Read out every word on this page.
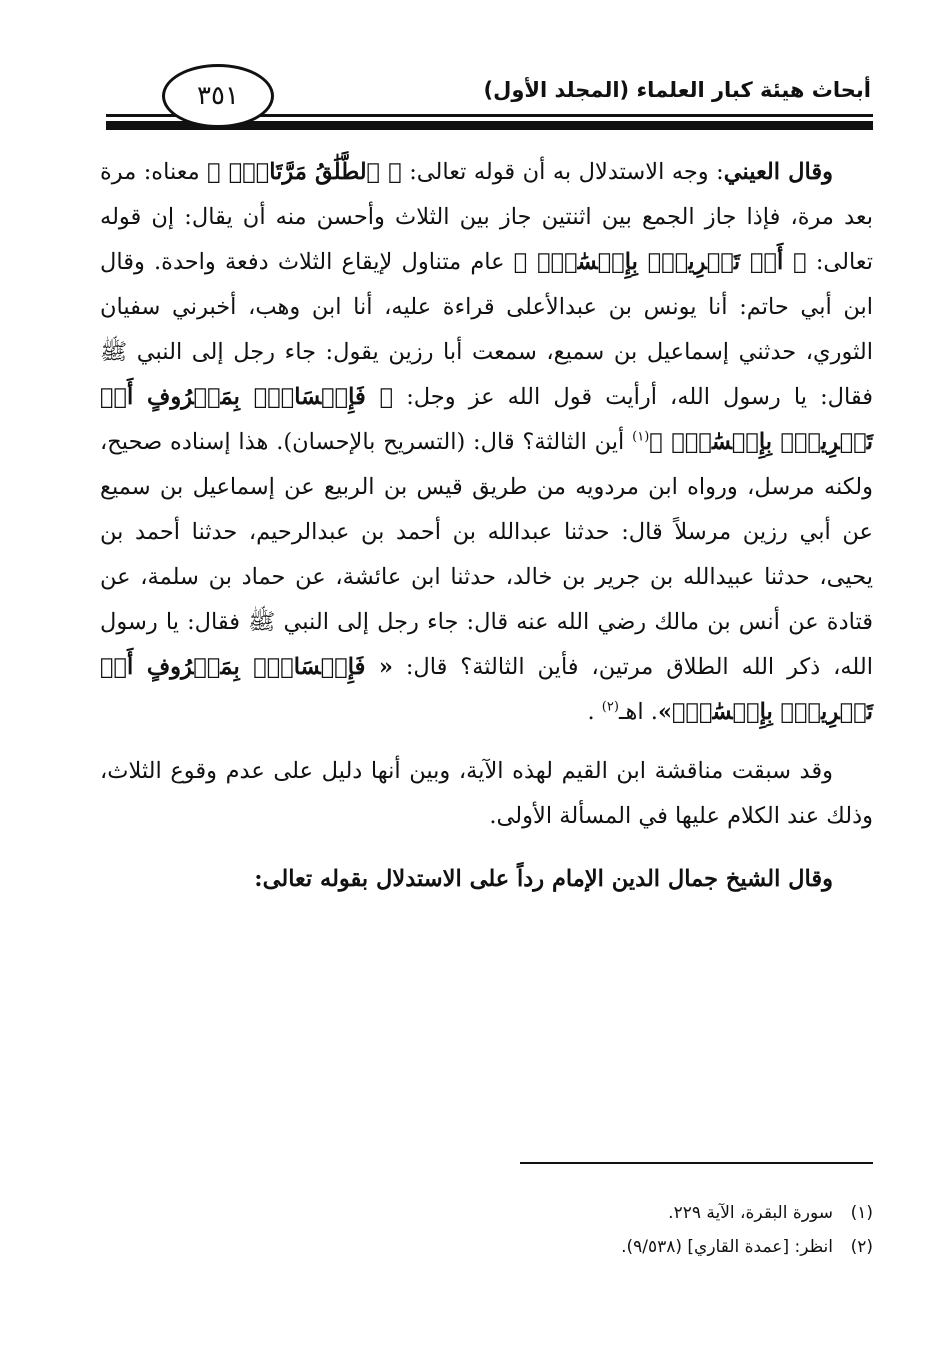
أبحاث هيئة كبار العلماء (المجلد الأول)
٣٥١

وقال العيني: وجه الاستدلال به أن قوله تعالى: ﴿ ٱلطَّلَٰقُ مَرَّتَانِۖ ﴾ معناه: مرة بعد مرة، فإذا جاز الجمع بين اثنتين جاز بين الثلاث وأحسن منه أن يقال: إن قوله تعالى: ﴿ أَوۡ تَسۡرِيحُۢ بِإِحۡسَٰنٖۗ ﴾ عام متناول لإيقاع الثلاث دفعة واحدة. وقال ابن أبي حاتم: أنا يونس بن عبدالأعلى قراءة عليه، أنا ابن وهب، أخبرني سفيان الثوري، حدثني إسماعيل بن سميع، سمعت أبا رزين يقول: جاء رجل إلى النبي ﷺ فقال: يا رسول الله، أرأيت قول الله عز وجل: ﴿ فَإِمۡسَاكُۢ بِمَعۡرُوفٍ أَوۡ تَسۡرِيحُۢ بِإِحۡسَٰنٖۗ ﴾$^{(١)}$ أين الثالثة؟ قال: (التسريح بالإحسان). هذا إسناده صحيح، ولكنه مرسل، ورواه ابن مردويه من طريق قيس بن الربيع عن إسماعيل بن سميع عن أبي رزين مرسلاً قال: حدثنا عبدالله بن أحمد بن عبدالرحيم، حدثنا أحمد بن يحيى، حدثنا عبيدالله بن جرير بن خالد، حدثنا ابن عائشة، عن حماد بن سلمة، عن قتادة عن أنس بن مالك رضي الله عنه قال: جاء رجل إلى النبي ﷺ فقال: يا رسول الله، ذكر الله الطلاق مرتين، فأين الثالثة؟ قال: « فَإِمۡسَاكُۢ بِمَعۡرُوفٍ أَوۡ تَسۡرِيحُۢ بِإِحۡسَٰنٖۗ». اهـ$^{(٢)}$ .

وقد سبقت مناقشة ابن القيم لهذه الآية، وبين أنها دليل على عدم وقوع الثلاث، وذلك عند الكلام عليها في المسألة الأولى.

وقال الشيخ جمال الدين الإمام رداً على الاستدلال بقوله تعالى:

(١)سورة البقرة، الآية ٢٢٩.
(٢)انظر: [عمدة القاري] (٩/٥٣٨).
